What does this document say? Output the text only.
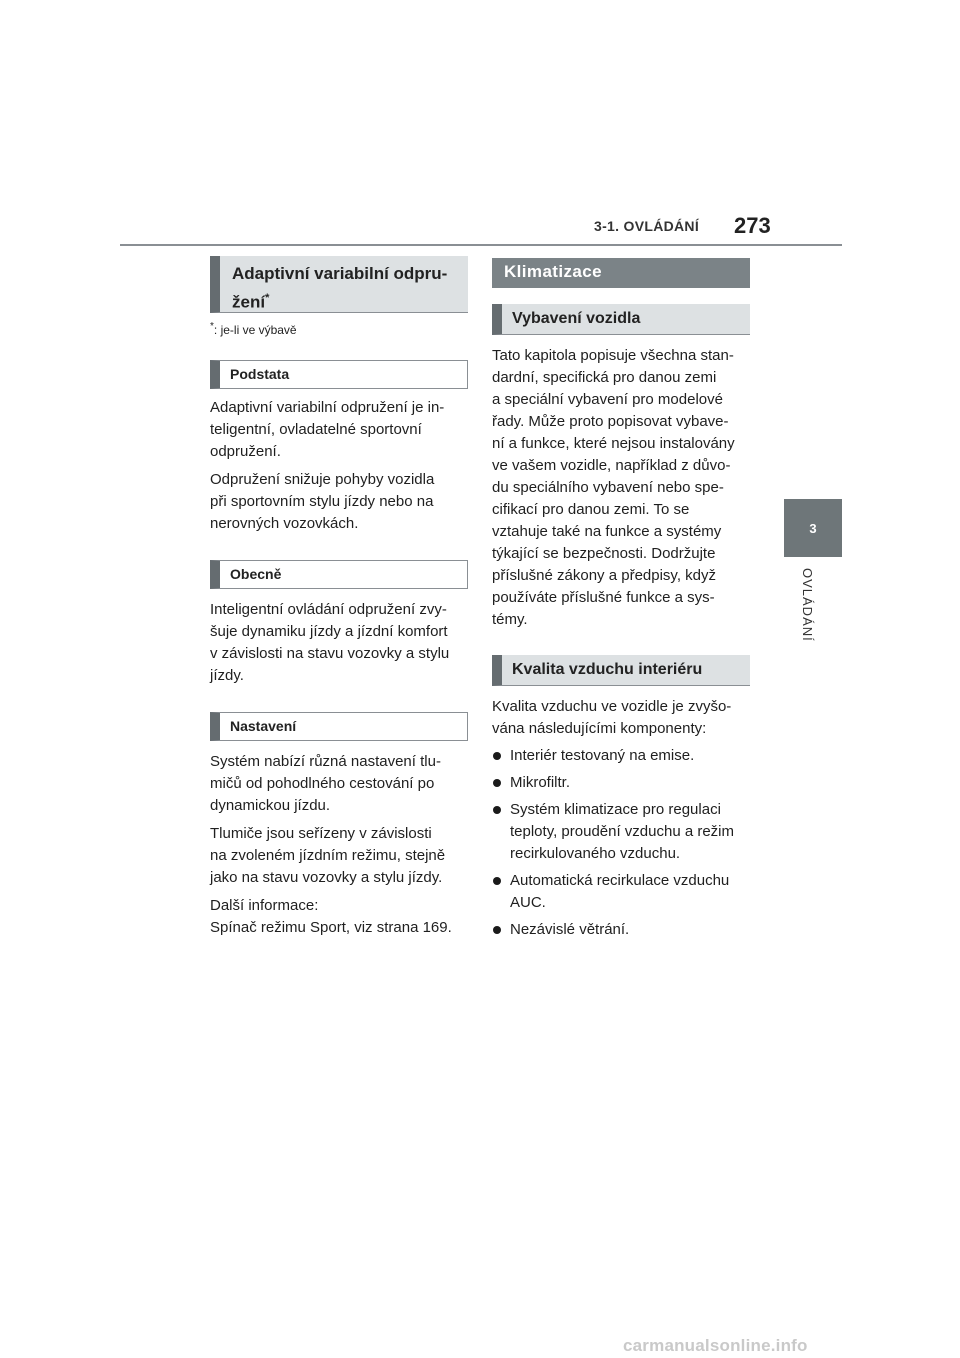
3-1. OVLÁDÁNÍ 273
3
OVLÁDÁNÍ
Adaptivní variabilní odpru-
žení*
*: je-li ve výbavě
Podstata

Adaptivní variabilní odpružení je in-
teligentní, ovladatelné sportovní
odpružení.

Odpružení snižuje pohyby vozidla
při sportovním stylu jízdy nebo na
nerovných vozovkách.

Obecně

Inteligentní ovládání odpružení zvy-
šuje dynamiku jízdy a jízdní komfort
v závislosti na stavu vozovky a stylu
jízdy.

Nastavení

Systém nabízí různá nastavení tlu-
mičů od pohodlného cestování po
dynamickou jízdu.

Tlumiče jsou seřízeny v závislosti
na zvoleném jízdním režimu, stejně
jako na stavu vozovky a stylu jízdy.

Další informace:
Spínač režimu Sport, viz strana 169.

Klimatizace
Vybavení vozidla

Tato kapitola popisuje všechna stan-
dardní, specifická pro danou zemi
a speciální vybavení pro modelové
řady. Může proto popisovat vybave-
ní a funkce, které nejsou instalovány
ve vašem vozidle, například z důvo-
du speciálního vybavení nebo spe-
cifikací pro danou zemi. To se
vztahuje také na funkce a systémy
týkající se bezpečnosti. Dodržujte
příslušné zákony a předpisy, když
používáte příslušné funkce a sys-
témy.

Kvalita vzduchu interiéru

Kvalita vzduchu ve vozidle je zvyšo-
vána následujícími komponenty:

Interiér testovaný na emise.
Mikrofiltr.
Systém klimatizace pro regulaci
teploty, proudění vzduchu a režim
recirkulovaného vzduchu.
Automatická recirkulace vzduchu
AUC.
Nezávislé větrání.
carmanualsonline.info
